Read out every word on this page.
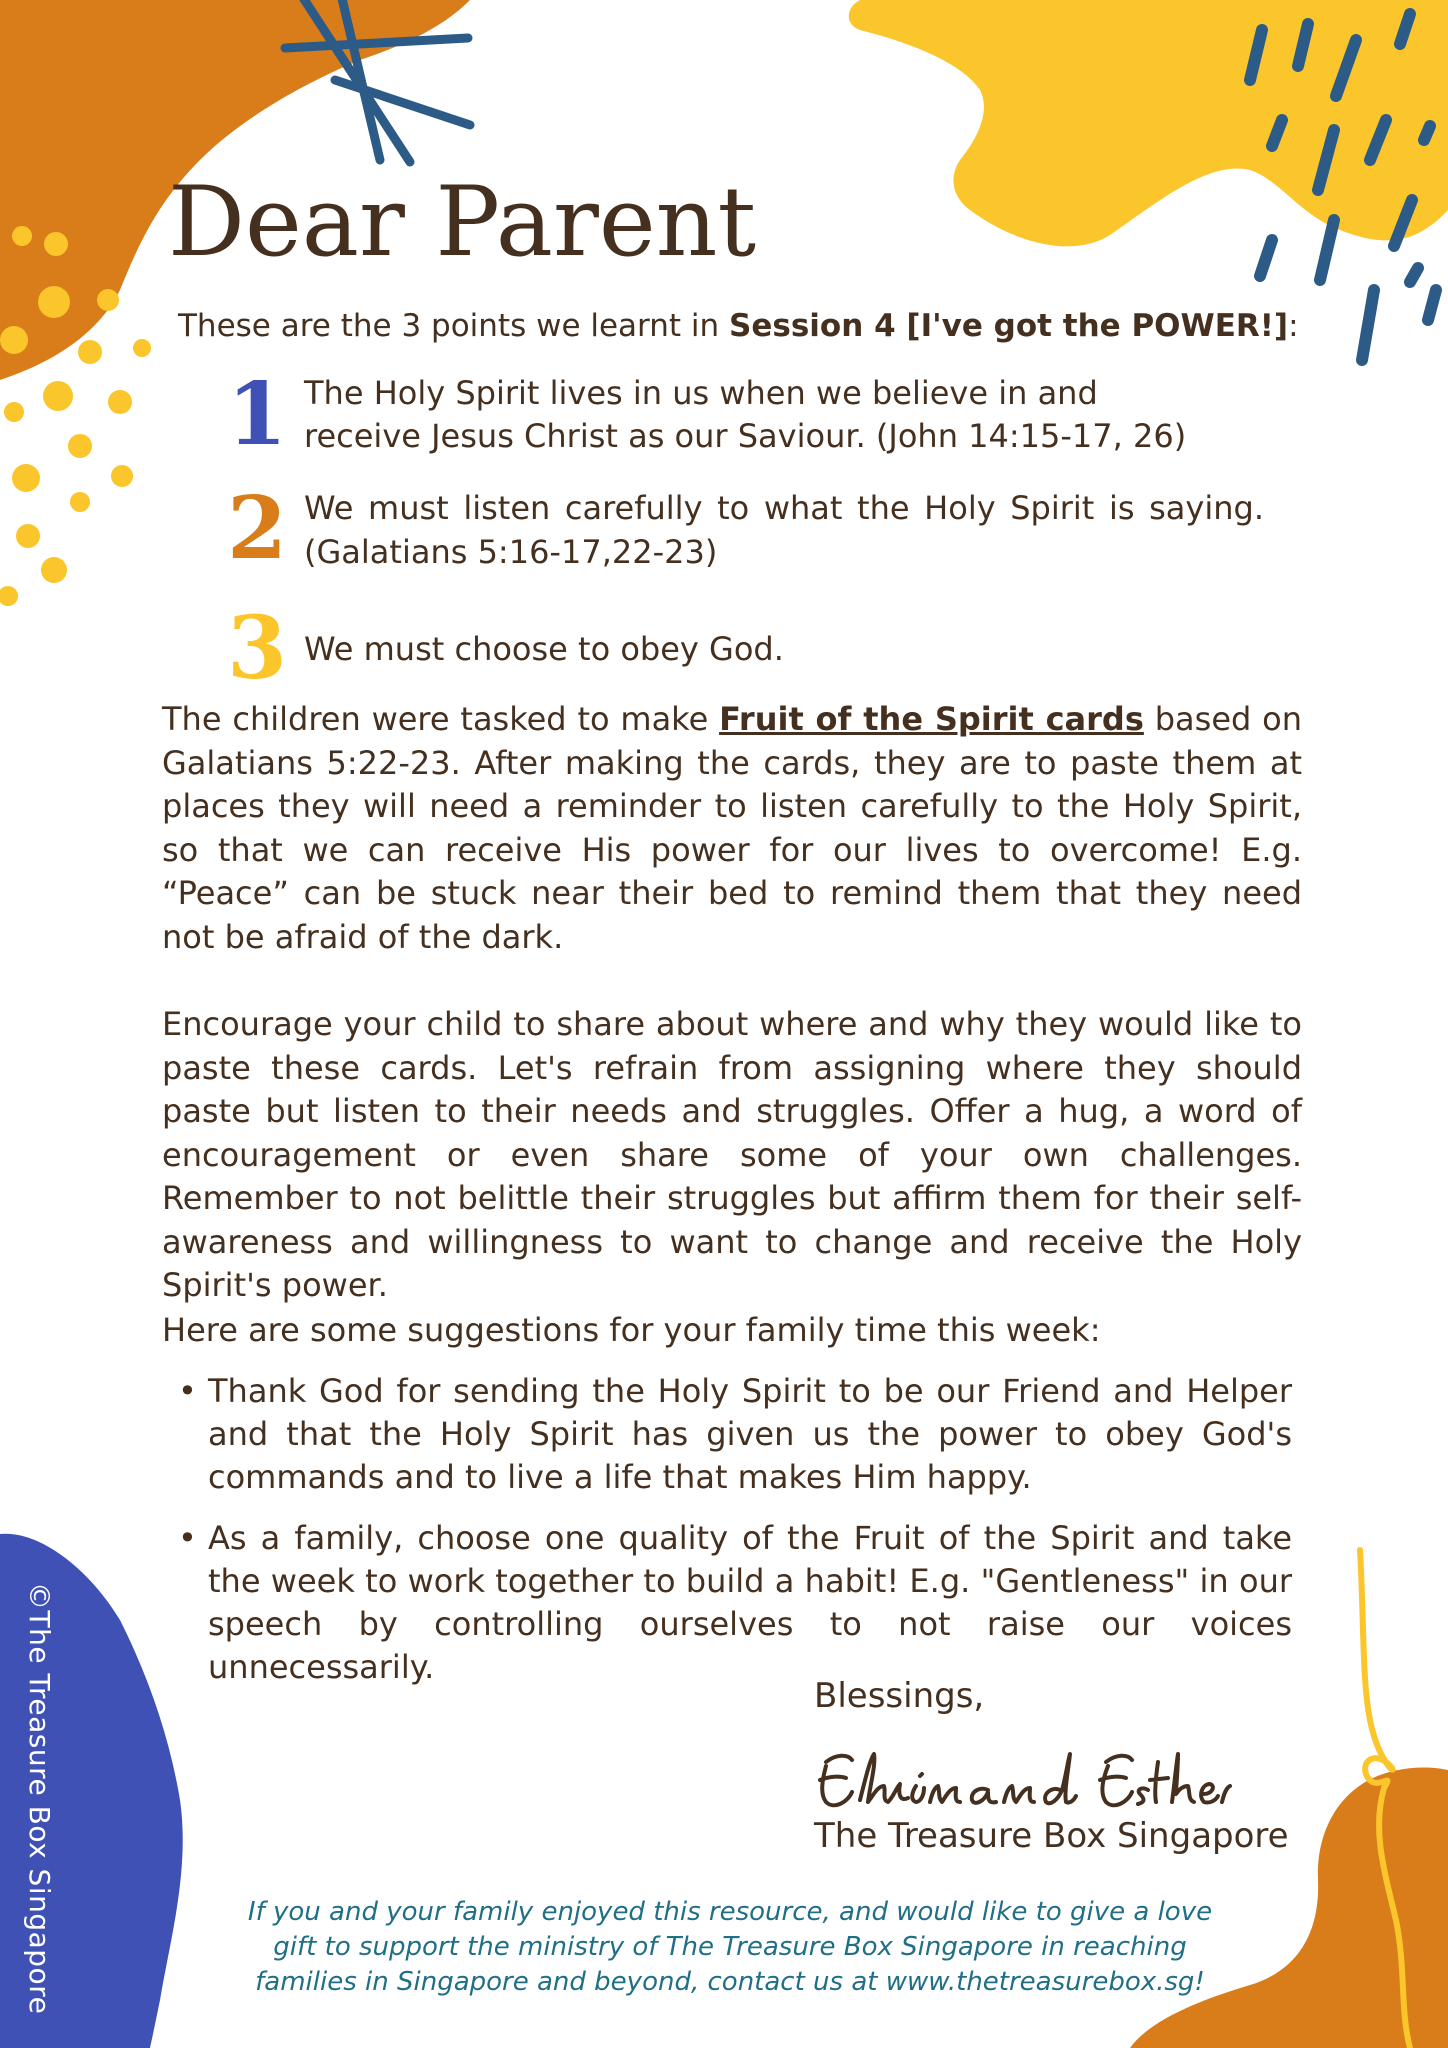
Dear Parent

These are the 3 points we learnt in Session 4 [I've got the POWER!]:

1 The Holy Spirit lives in us when we believe in and receive Jesus Christ as our Saviour. (John 14:15-17, 26)
2 We must listen carefully to what the Holy Spirit is saying. (Galatians 5:16-17,22-23)
3 We must choose to obey God.

The children were tasked to make Fruit of the Spirit cards based on Galatians 5:22-23. After making the cards, they are to paste them at places they will need a reminder to listen carefully to the Holy Spirit, so that we can receive His power for our lives to overcome! E.g. “Peace” can be stuck near their bed to remind them that they need not be afraid of the dark.

Encourage your child to share about where and why they would like to paste these cards. Let's refrain from assigning where they should paste but listen to their needs and struggles. Offer a hug, a word of encouragement or even share some of your own challenges. Remember to not belittle their struggles but affirm them for their self-awareness and willingness to want to change and receive the Holy Spirit's power.

Here are some suggestions for your family time this week:

• Thank God for sending the Holy Spirit to be our Friend and Helper and that the Holy Spirit has given us the power to obey God's commands and to live a life that makes Him happy.
• As a family, choose one quality of the Fruit of the Spirit and take the week to work together to build a habit! E.g. "Gentleness" in our speech by controlling ourselves to not raise our voices unnecessarily.

Blessings,

The Treasure Box Singapore

If you and your family enjoyed this resource, and would like to give a love gift to support the ministry of The Treasure Box Singapore in reaching families in Singapore and beyond, contact us at www.thetreasurebox.sg!

©The Treasure Box Singapore
